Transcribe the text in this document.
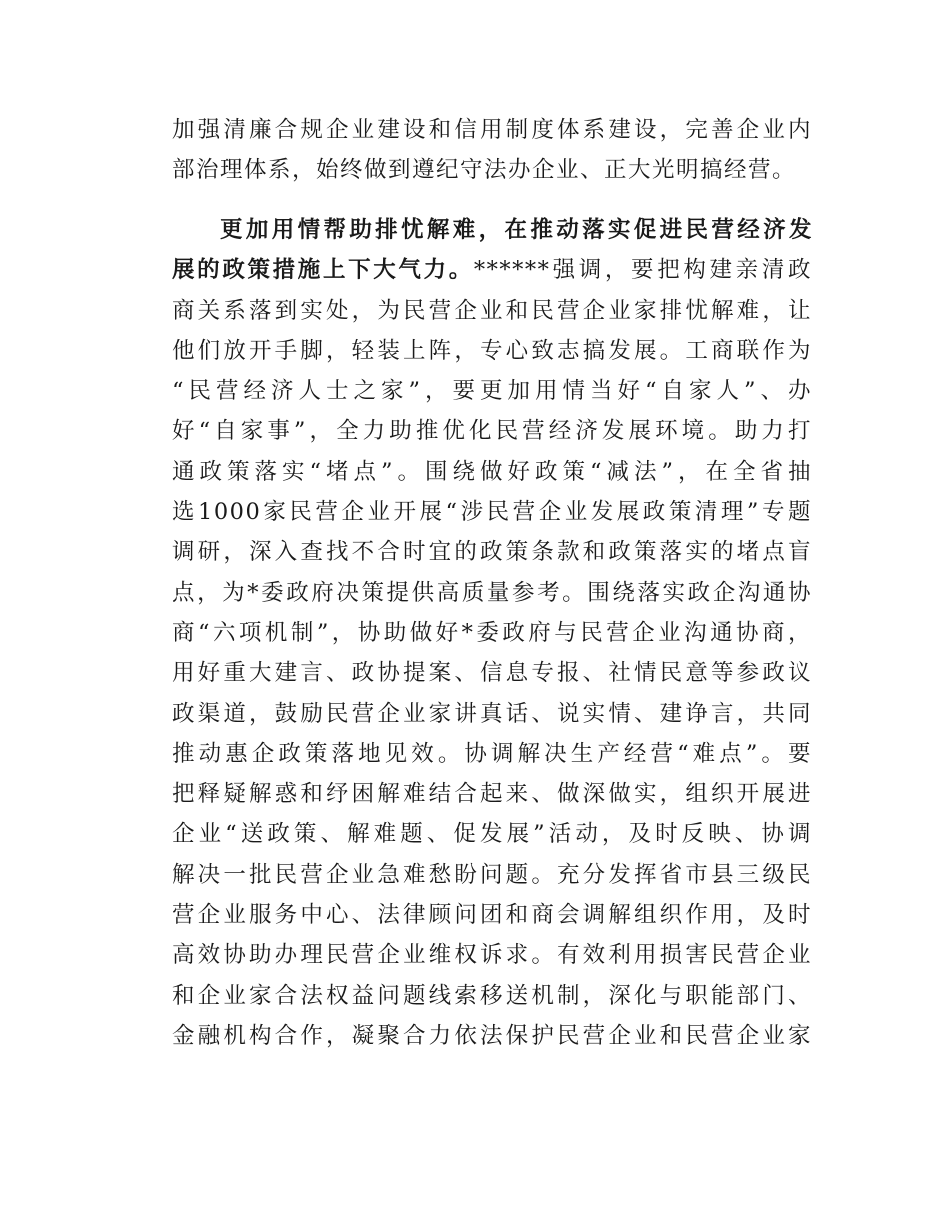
加强清廉合规企业建设和信用制度体系建设，完善企业内
部治理体系，始终做到遵纪守法办企业、正大光明搞经营。
更加用情帮助排忧解难，在推动落实促进民营经济发
展的政策措施上下大气力。******强调，要把构建亲清政
商关系落到实处，为民营企业和民营企业家排忧解难，让
他们放开手脚，轻装上阵，专心致志搞发展。工商联作为
“民营经济人士之家”，要更加用情当好“自家人”、办
好“自家事”，全力助推优化民营经济发展环境。助力打
通政策落实“堵点”。围绕做好政策“减法”，在全省抽
选1000家民营企业开展“涉民营企业发展政策清理”专题
调研，深入查找不合时宜的政策条款和政策落实的堵点盲
点，为*委政府决策提供高质量参考。围绕落实政企沟通协
商“六项机制”，协助做好*委政府与民营企业沟通协商，
用好重大建言、政协提案、信息专报、社情民意等参政议
政渠道，鼓励民营企业家讲真话、说实情、建诤言，共同
推动惠企政策落地见效。协调解决生产经营“难点”。要
把释疑解惑和纾困解难结合起来、做深做实，组织开展进
企业“送政策、解难题、促发展”活动，及时反映、协调
解决一批民营企业急难愁盼问题。充分发挥省市县三级民
营企业服务中心、法律顾问团和商会调解组织作用，及时
高效协助办理民营企业维权诉求。有效利用损害民营企业
和企业家合法权益问题线索移送机制，深化与职能部门、
金融机构合作，凝聚合力依法保护民营企业和民营企业家
